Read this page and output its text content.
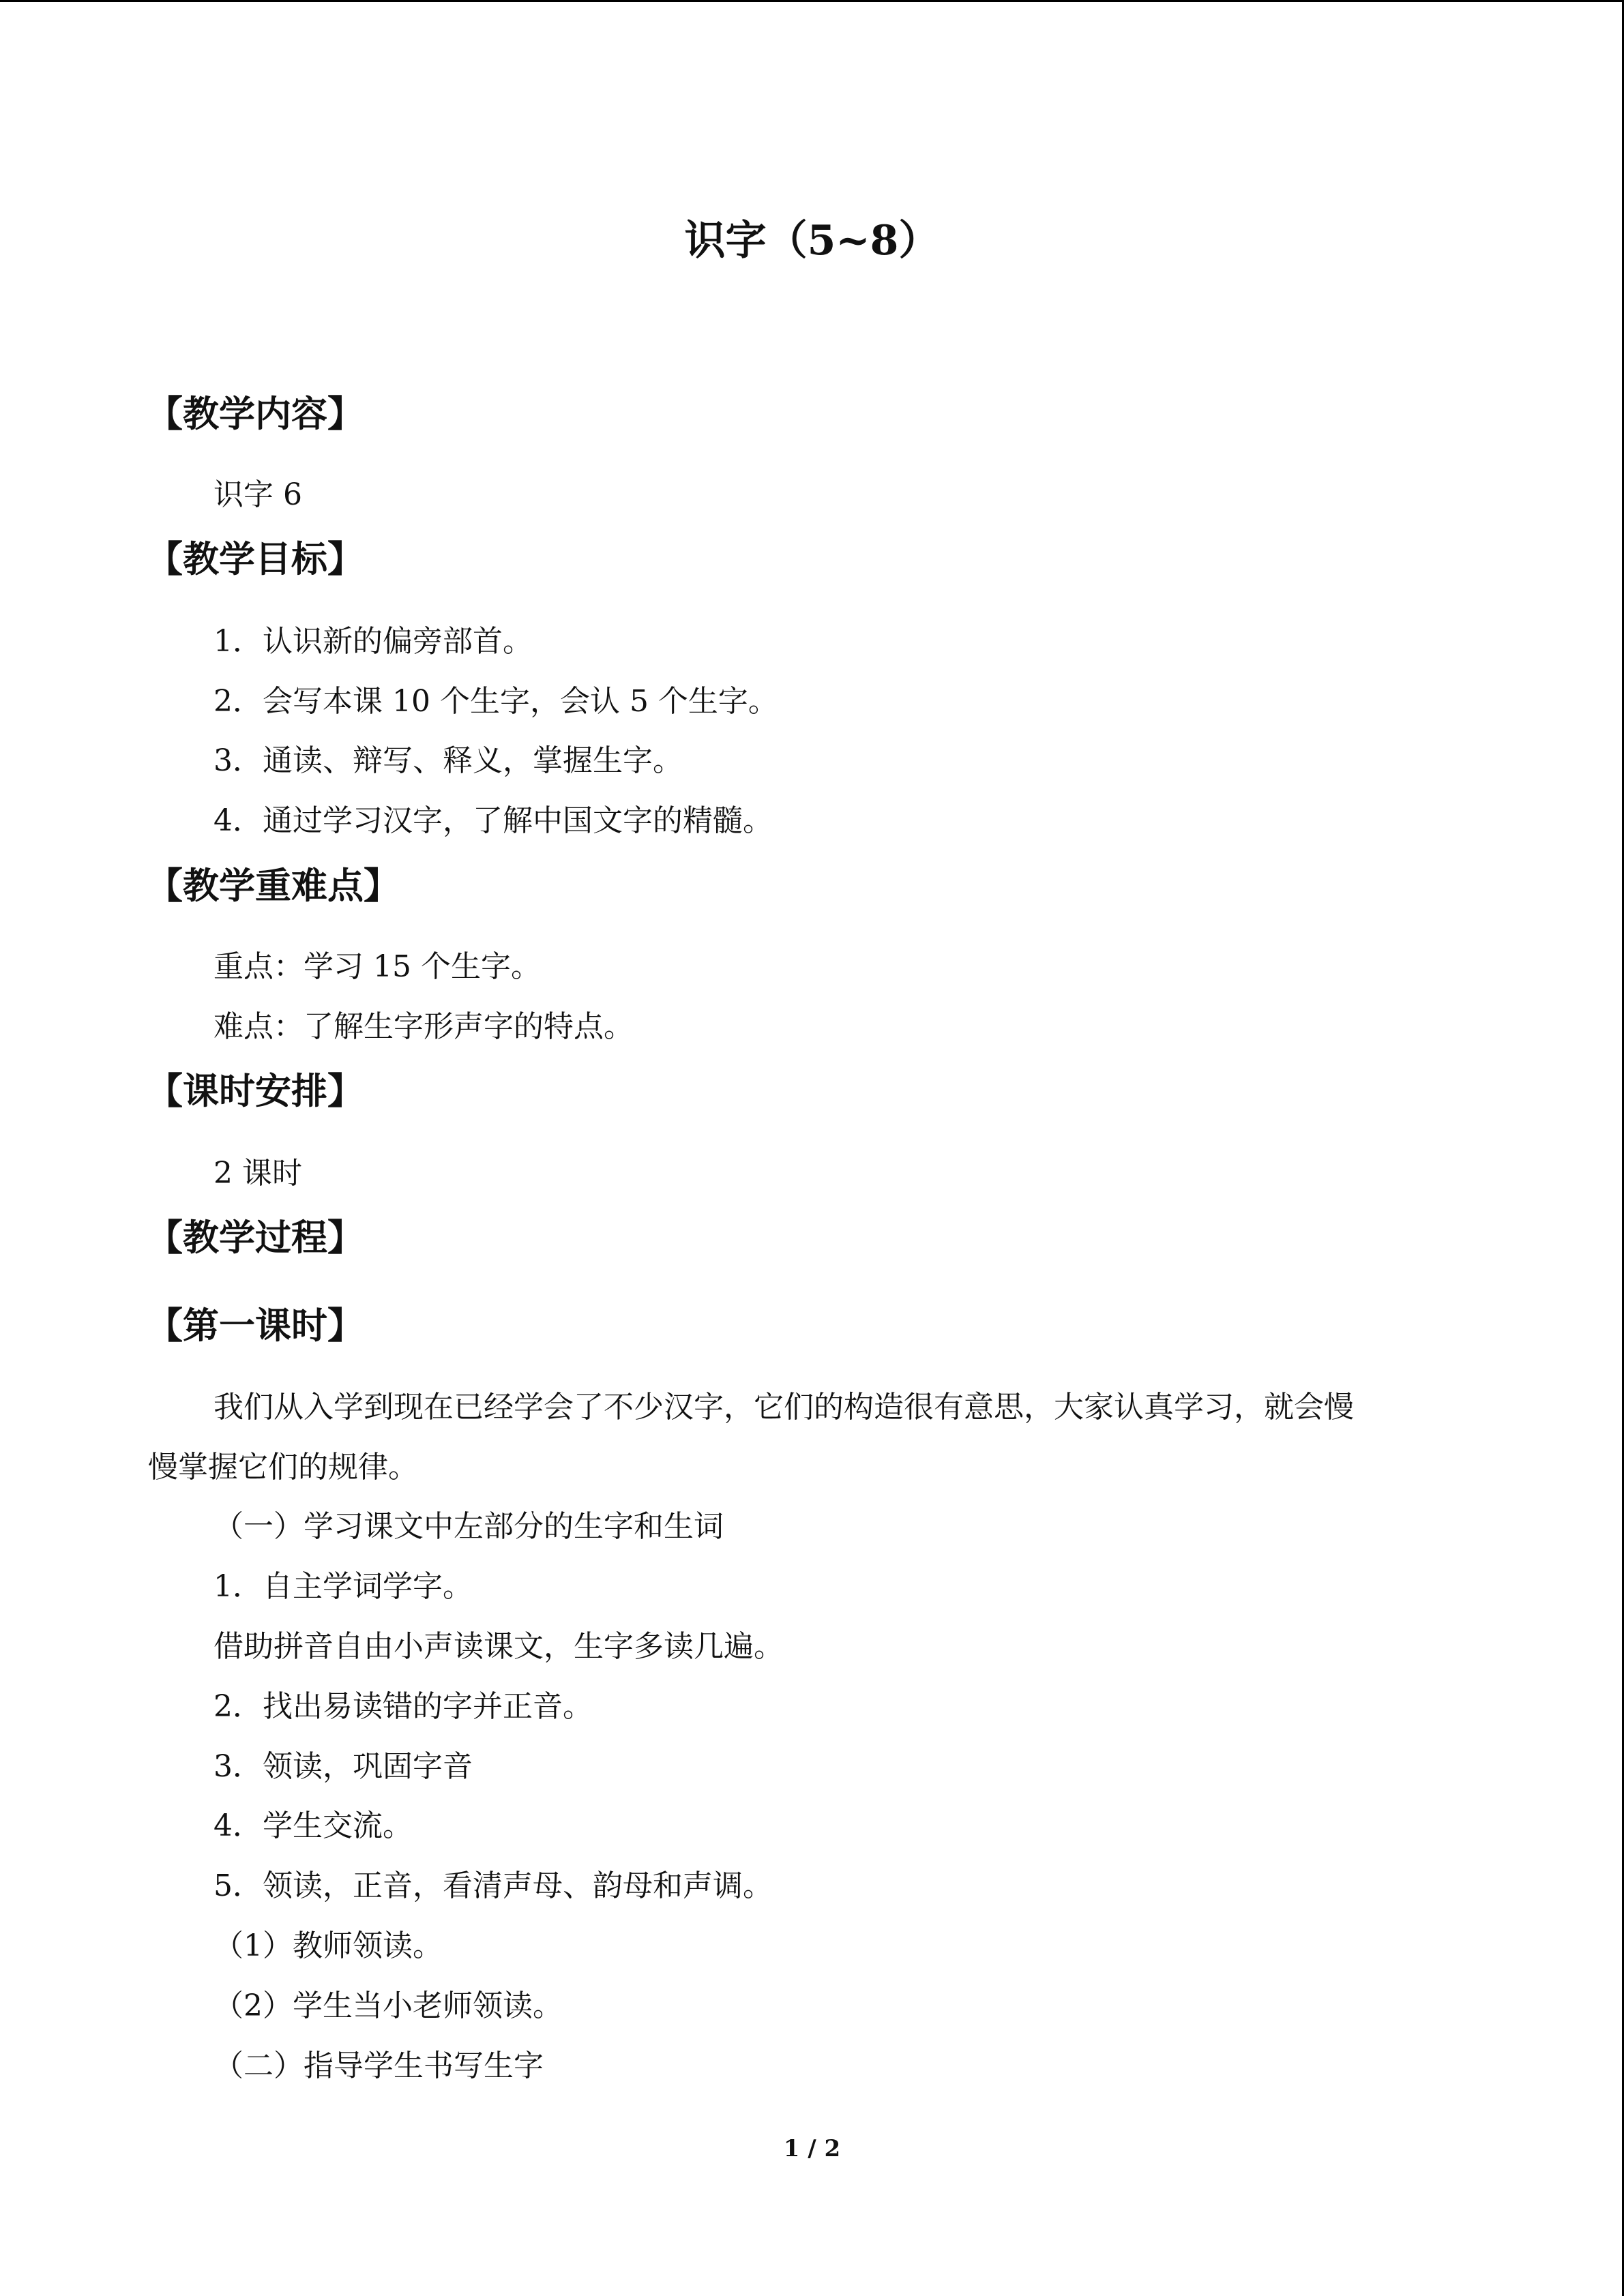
识字（5~8）
【教学内容】
识字 6
【教学目标】
1．认识新的偏旁部首。
2．会写本课 10 个生字，会认 5 个生字。
3．通读、辩写、释义，掌握生字。
4．通过学习汉字，了解中国文字的精髓。
【教学重难点】
重点：学习 15 个生字。
难点：了解生字形声字的特点。
【课时安排】
2 课时
【教学过程】
【第一课时】
我们从入学到现在已经学会了不少汉字，它们的构造很有意思，大家认真学习，就会慢
慢掌握它们的规律。
（一）学习课文中左部分的生字和生词
1．自主学词学字。
借助拼音自由小声读课文，生字多读几遍。
2．找出易读错的字并正音。
3．领读，巩固字音
4．学生交流。
5．领读，正音，看清声母、韵母和声调。
（1）教师领读。
（2）学生当小老师领读。
（二）指导学生书写生字
1 / 2
